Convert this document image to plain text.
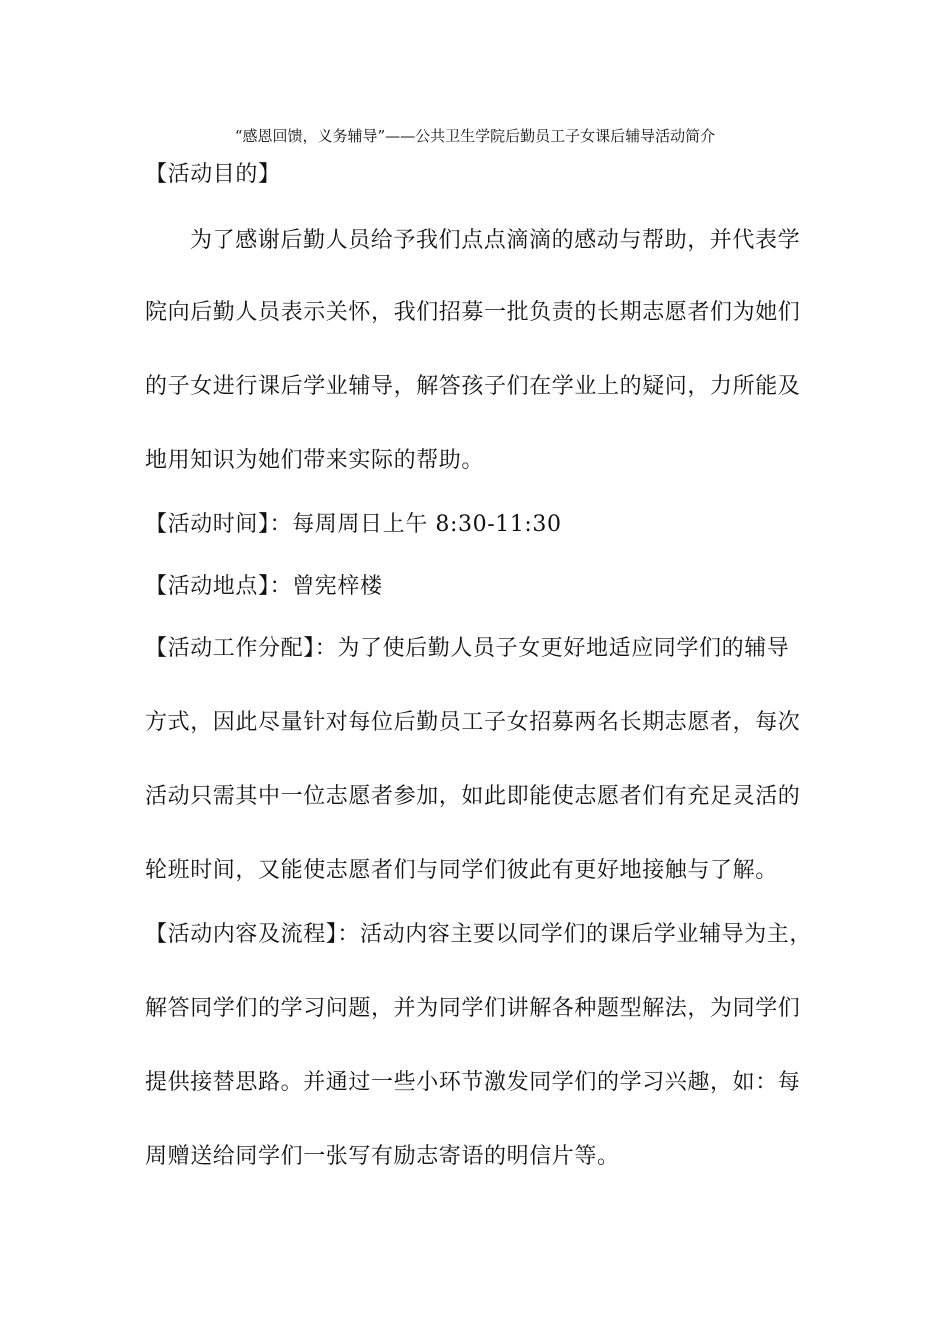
“感恩回馈，义务辅导”——公共卫生学院后勤员工子女课后辅导活动简介
【活动目的】
为了感谢后勤人员给予我们点点滴滴的感动与帮助，并代表学
院向后勤人员表示关怀，我们招募一批负责的长期志愿者们为她们
的子女进行课后学业辅导，解答孩子们在学业上的疑问，力所能及
地用知识为她们带来实际的帮助。
【活动时间】：每周周日上午 8:30-11:30
【活动地点】：曾宪梓楼
【活动工作分配】：为了使后勤人员子女更好地适应同学们的辅导
方式，因此尽量针对每位后勤员工子女招募两名长期志愿者，每次
活动只需其中一位志愿者参加，如此即能使志愿者们有充足灵活的
轮班时间，又能使志愿者们与同学们彼此有更好地接触与了解。
【活动内容及流程】：活动内容主要以同学们的课后学业辅导为主，
解答同学们的学习问题，并为同学们讲解各种题型解法，为同学们
提供接替思路。并通过一些小环节激发同学们的学习兴趣，如：每
周赠送给同学们一张写有励志寄语的明信片等。
